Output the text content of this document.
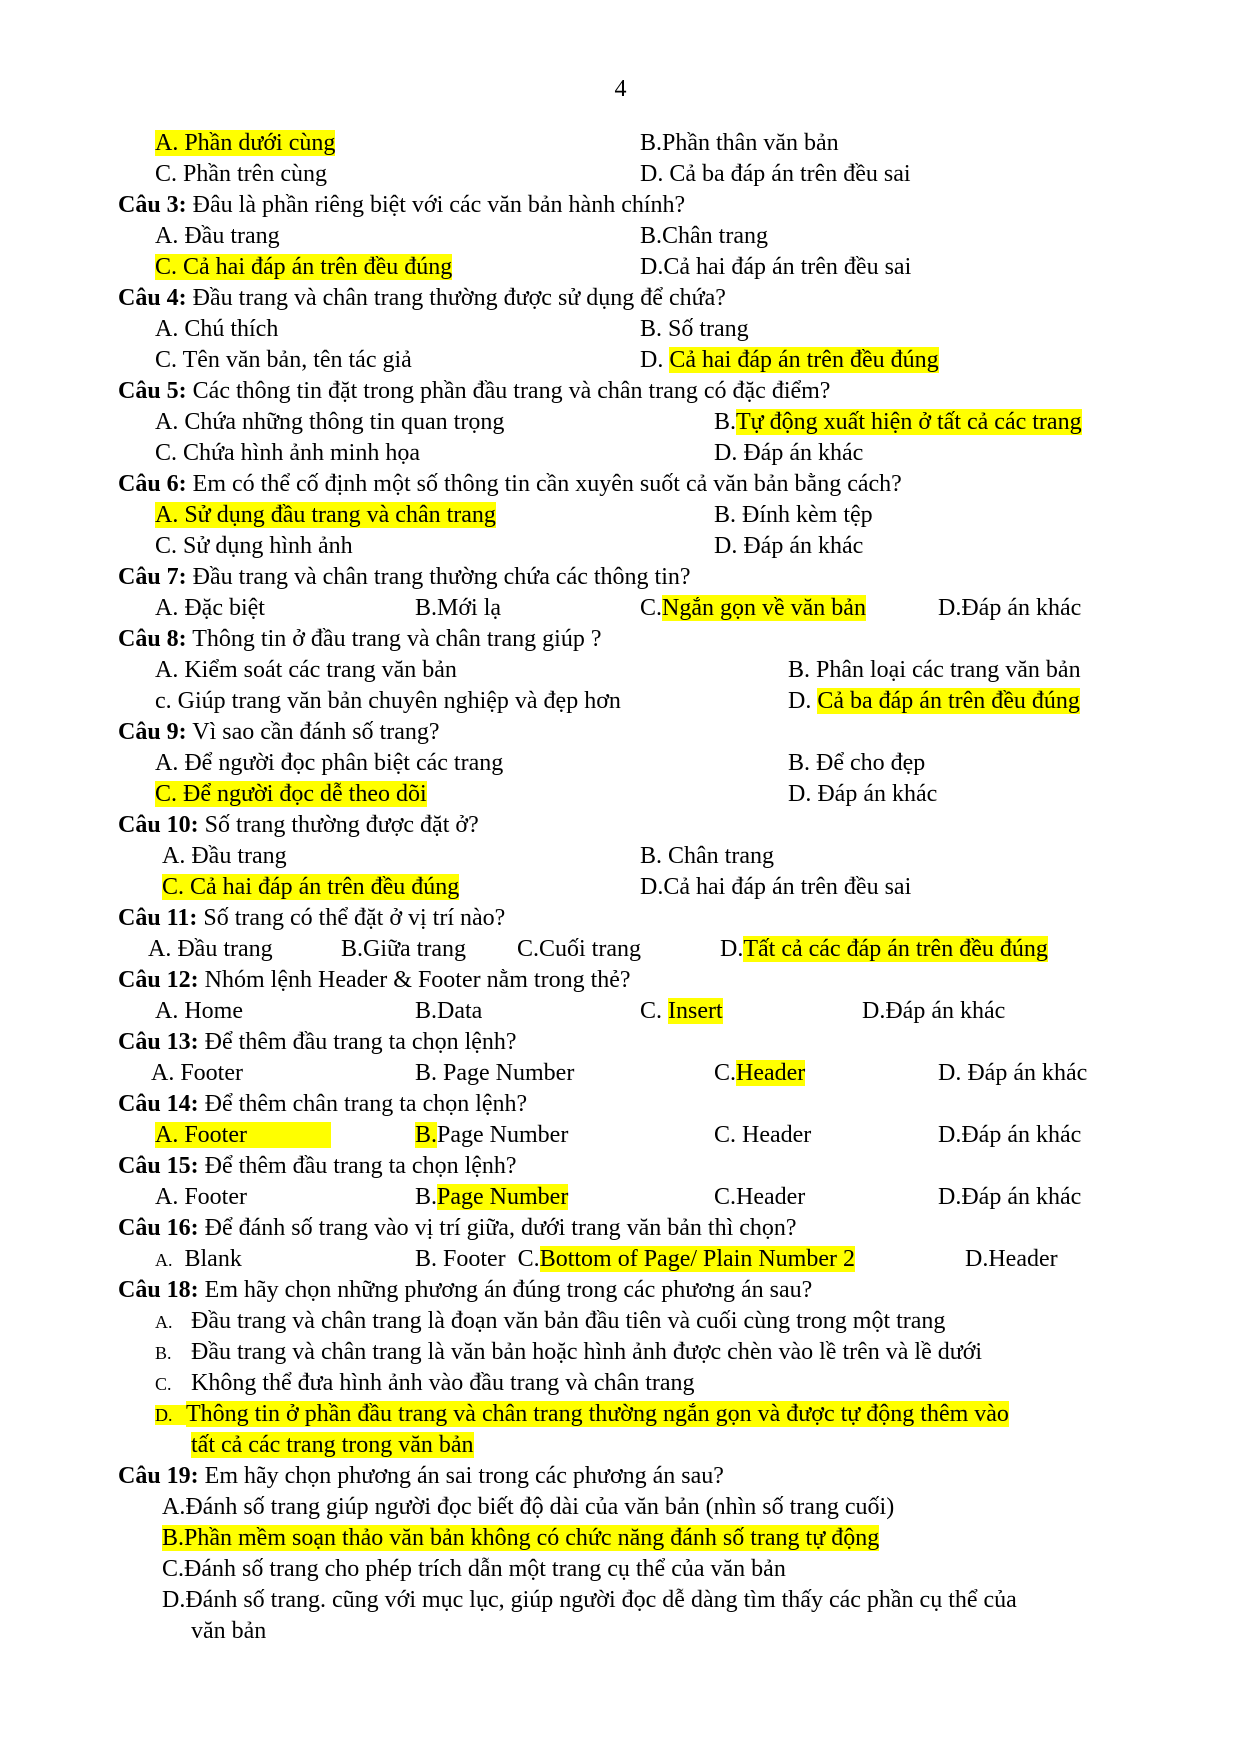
4
A. Phần dưới cùng	B.Phần thân văn bản
C. Phần trên cùng	D. Cả ba đáp án trên đều sai
Câu 3: Đâu là phần riêng biệt với các văn bản hành chính?
A. Đầu trang	B.Chân trang
C. Cả hai đáp án trên đều đúng	D.Cả hai đáp án trên đều sai
Câu 4: Đầu trang và chân trang thường được sử dụng để chứa?
A. Chú thích	B. Số trang
C. Tên văn bản, tên tác giả	D. Cả hai đáp án trên đều đúng
Câu 5: Các thông tin đặt trong phần đầu trang và chân trang có đặc điểm?
A. Chứa những thông tin quan trọng	B.Tự động xuất hiện ở tất cả các trang
C. Chứa hình ảnh minh họa	D. Đáp án khác
Câu 6: Em có thể cố định một số thông tin cần xuyên suốt cả văn bản bằng cách?
A. Sử dụng đầu trang và chân trang	B. Đính kèm tệp
C. Sử dụng hình ảnh	D. Đáp án khác
Câu 7: Đầu trang và chân trang thường chứa các thông tin?
A. Đặc biệt	B.Mới lạ	C.Ngắn gọn về văn bản	D.Đáp án khác
Câu 8: Thông tin ở đầu trang và chân trang giúp ?
A. Kiểm soát các trang văn bản	B. Phân loại các trang văn bản
c. Giúp trang văn bản chuyên nghiệp và đẹp hơn	D. Cả ba đáp án trên đều đúng
Câu 9: Vì sao cần đánh số trang?
A. Để người đọc phân biệt các trang	B. Để cho đẹp
C. Để người đọc dễ theo dõi	D. Đáp án khác
Câu 10: Số trang thường được đặt ở?
A. Đầu trang	B. Chân trang
C. Cả hai đáp án trên đều đúng	D.Cả hai đáp án trên đều sai
Câu 11: Số trang có thể đặt ở vị trí nào?
A. Đầu trang	B.Giữa trang C.Cuối trang	D.Tất cả các đáp án trên đều đúng
Câu 12: Nhóm lệnh Header & Footer nằm trong thẻ?
A. Home	B.Data	C. Insert	D.Đáp án khác
Câu 13: Để thêm đầu trang ta chọn lệnh?
A. Footer	B. Page Number	C.Header	D. Đáp án khác
Câu 14: Để thêm chân trang ta chọn lệnh?
A. Footer	B.Page Number	C. Header	D.Đáp án khác
Câu 15: Để thêm đầu trang ta chọn lệnh?
A. Footer	B.Page Number	C.Header	D.Đáp án khác
Câu 16: Để đánh số trang vào vị trí giữa, dưới trang văn bản thì chọn?
A.  Blank	B. Footer  C.Bottom of Page/ Plain Number 2	D.Header
Câu 18: Em hãy chọn những phương án đúng trong các phương án sau?
A. Đầu trang và chân trang là đoạn văn bản đầu tiên và cuối cùng trong một trang
B. Đầu trang và chân trang là văn bản hoặc hình ảnh được chèn vào lề trên và lề dưới
C. Không thể đưa hình ảnh vào đầu trang và chân trang
D.   Thông tin ở phần đầu trang và chân trang thường ngắn gọn và được tự động thêm vào
tất cả các trang trong văn bản
Câu 19: Em hãy chọn phương án sai trong các phương án sau?
A.Đánh số trang giúp người đọc biết độ dài của văn bản (nhìn số trang cuối)
B.Phần mềm soạn thảo văn bản không có chức năng đánh số trang tự động
C.Đánh số trang cho phép trích dẫn một trang cụ thể của văn bản
D.Đánh số trang. cũng với mục lục, giúp người đọc dễ dàng tìm thấy các phần cụ thể của
văn bản
